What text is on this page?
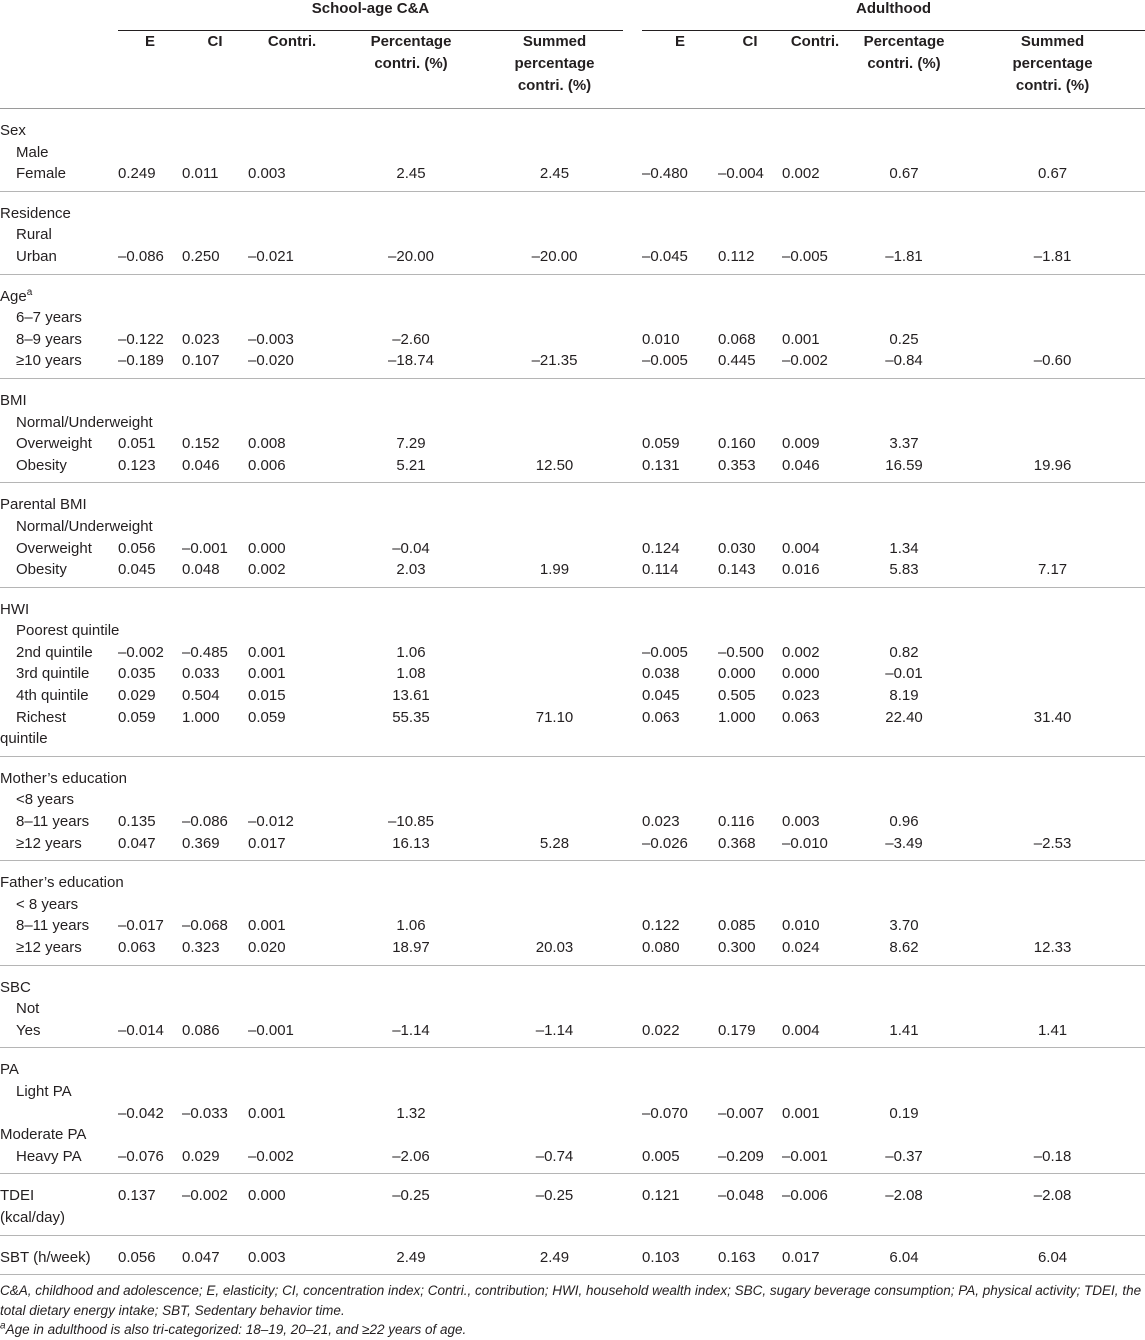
	School-age C&A						Adulthood				
	E	CI	Contri.	Percentage
contri. (%)	Summed
percentage
contri. (%)		E	CI	Contri.	Percentage
contri. (%)	Summed
percentage
contri. (%)
Sex											
Male											
Female	0.249	0.011	0.003	2.45	2.45		–0.480	–0.004	0.002	0.67	0.67
Residence											
Rural											
Urban	–0.086	0.250	–0.021	–20.00	–20.00		–0.045	0.112	–0.005	–1.81	–1.81
Age$^a$											
6–7 years											
8–9 years	–0.122	0.023	–0.003	–2.60			0.010	0.068	0.001	0.25	
≥10 years	–0.189	0.107	–0.020	–18.74	–21.35		–0.005	0.445	–0.002	–0.84	–0.60
BMI											
Normal/Underweight											
Overweight	0.051	0.152	0.008	7.29			0.059	0.160	0.009	3.37	
Obesity	0.123	0.046	0.006	5.21	12.50		0.131	0.353	0.046	16.59	19.96
Parental BMI											
Normal/Underweight											
Overweight	0.056	–0.001	0.000	–0.04			0.124	0.030	0.004	1.34	
Obesity	0.045	0.048	0.002	2.03	1.99		0.114	0.143	0.016	5.83	7.17
HWI											
Poorest quintile											
2nd quintile	–0.002	–0.485	0.001	1.06			–0.005	–0.500	0.002	0.82	
3rd quintile	0.035	0.033	0.001	1.08			0.038	0.000	0.000	–0.01	
4th quintile	0.029	0.504	0.015	13.61			0.045	0.505	0.023	8.19	
Richest	0.059	1.000	0.059	55.35	71.10		0.063	1.000	0.063	22.40	31.40
quintile											
Mother’s education											
<8 years											
8–11 years	0.135	–0.086	–0.012	–10.85			0.023	0.116	0.003	0.96	
≥12 years	0.047	0.369	0.017	16.13	5.28		–0.026	0.368	–0.010	–3.49	–2.53
Father’s education											
< 8 years											
8–11 years	–0.017	–0.068	0.001	1.06			0.122	0.085	0.010	3.70	
≥12 years	0.063	0.323	0.020	18.97	20.03		0.080	0.300	0.024	8.62	12.33
SBC											
Not											
Yes	–0.014	0.086	–0.001	–1.14	–1.14		0.022	0.179	0.004	1.41	1.41
PA											
Light PA											
	–0.042	–0.033	0.001	1.32			–0.070	–0.007	0.001	0.19	
Moderate PA											
Heavy PA	–0.076	0.029	–0.002	–2.06	–0.74		0.005	–0.209	–0.001	–0.37	–0.18
TDEI
(kcal/day)	0.137	–0.002	0.000	–0.25	–0.25		0.121	–0.048	–0.006	–2.08	–2.08
SBT (h/week)	0.056	0.047	0.003	2.49	2.49		0.103	0.163	0.017	6.04	6.04

C&A, childhood and adolescence; E, elasticity; CI, concentration index; Contri., contribution; HWI, household wealth index; SBC, sugary beverage consumption; PA, physical activity; TDEI, the total dietary energy intake; SBT, Sedentary behavior time.

$^a$Age in adulthood is also tri-categorized: 18–19, 20–21, and ≥22 years of age.
